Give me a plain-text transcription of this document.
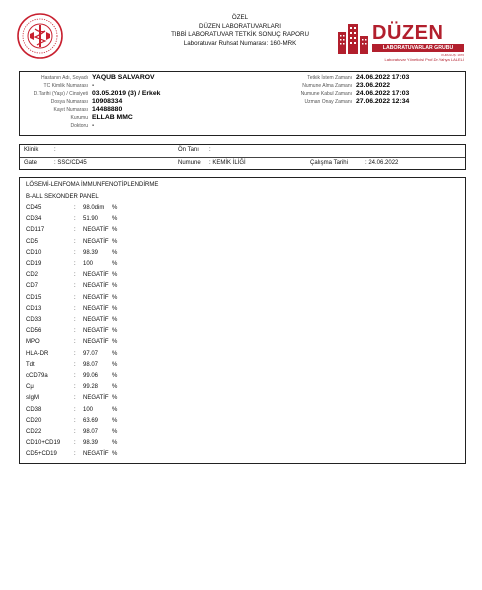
ÖZEL
DÜZEN LABORATUVARLARI
TIBBİ LABORATUVAR TETKİK SONUÇ RAPORU
Laboratuvar Ruhsat Numarası: 160-MRK	DÜZEN
LABORATUVARLAR GRUBU
KURULUŞ: 1976
Laboratuvar Yöneticisi Prof.Dr.Yahya LALELİ
Hastanın Adı, Soyadı YAQUB SALVAROV
TC Kimlik Numarası -
D.Tarihi (Yaşı) / Cinsiyeti 03.05.2019 (3) / Erkek
Dosya Numarası 10908334
Kayıt Numarası 14488880
Kurumu ELLAB MMC
Doktoru -
Tetkik İstem Zamanı 24.06.2022 17:03
Numune Alma Zamanı 23.06.2022
Numune Kabul Zamanı 24.06.2022 17:03
Uzman Onay Zamanı 27.06.2022 12:34
Klinik	:	Ön Tanı :
Gate	: SSC/CD45	Numune : KEMİK İLİĞİ	Çalışma Tarihi	: 24.06.2022
LÖSEMİ-LENFOMA İMMUNFENOTİPLENDİRME
B-ALL SEKONDER PANEL
CD45	: 98.0dim %
CD34	: 51.90 %
CD117	: NEGATİF %
CD5	: NEGATİF %
CD10	: 98.39 %
CD19	: 100	%
CD2	: NEGATİF %
CD7	: NEGATİF %
CD15	: NEGATİF %
CD13	: NEGATİF %
CD33	: NEGATİF %
CD56	: NEGATİF %
MPO	: NEGATİF %
HLA-DR	: 97.07 %
Tdt	: 98.07 %
cCD79a	: 99.06 %
Cμ	: 99.28 %
sIgM	: NEGATİF %
CD38	: 100	%
CD20	: 63.69 %
CD22	: 98.07 %
CD10+CD19 : 98.39 %
CD5+CD19	: NEGATİF %
